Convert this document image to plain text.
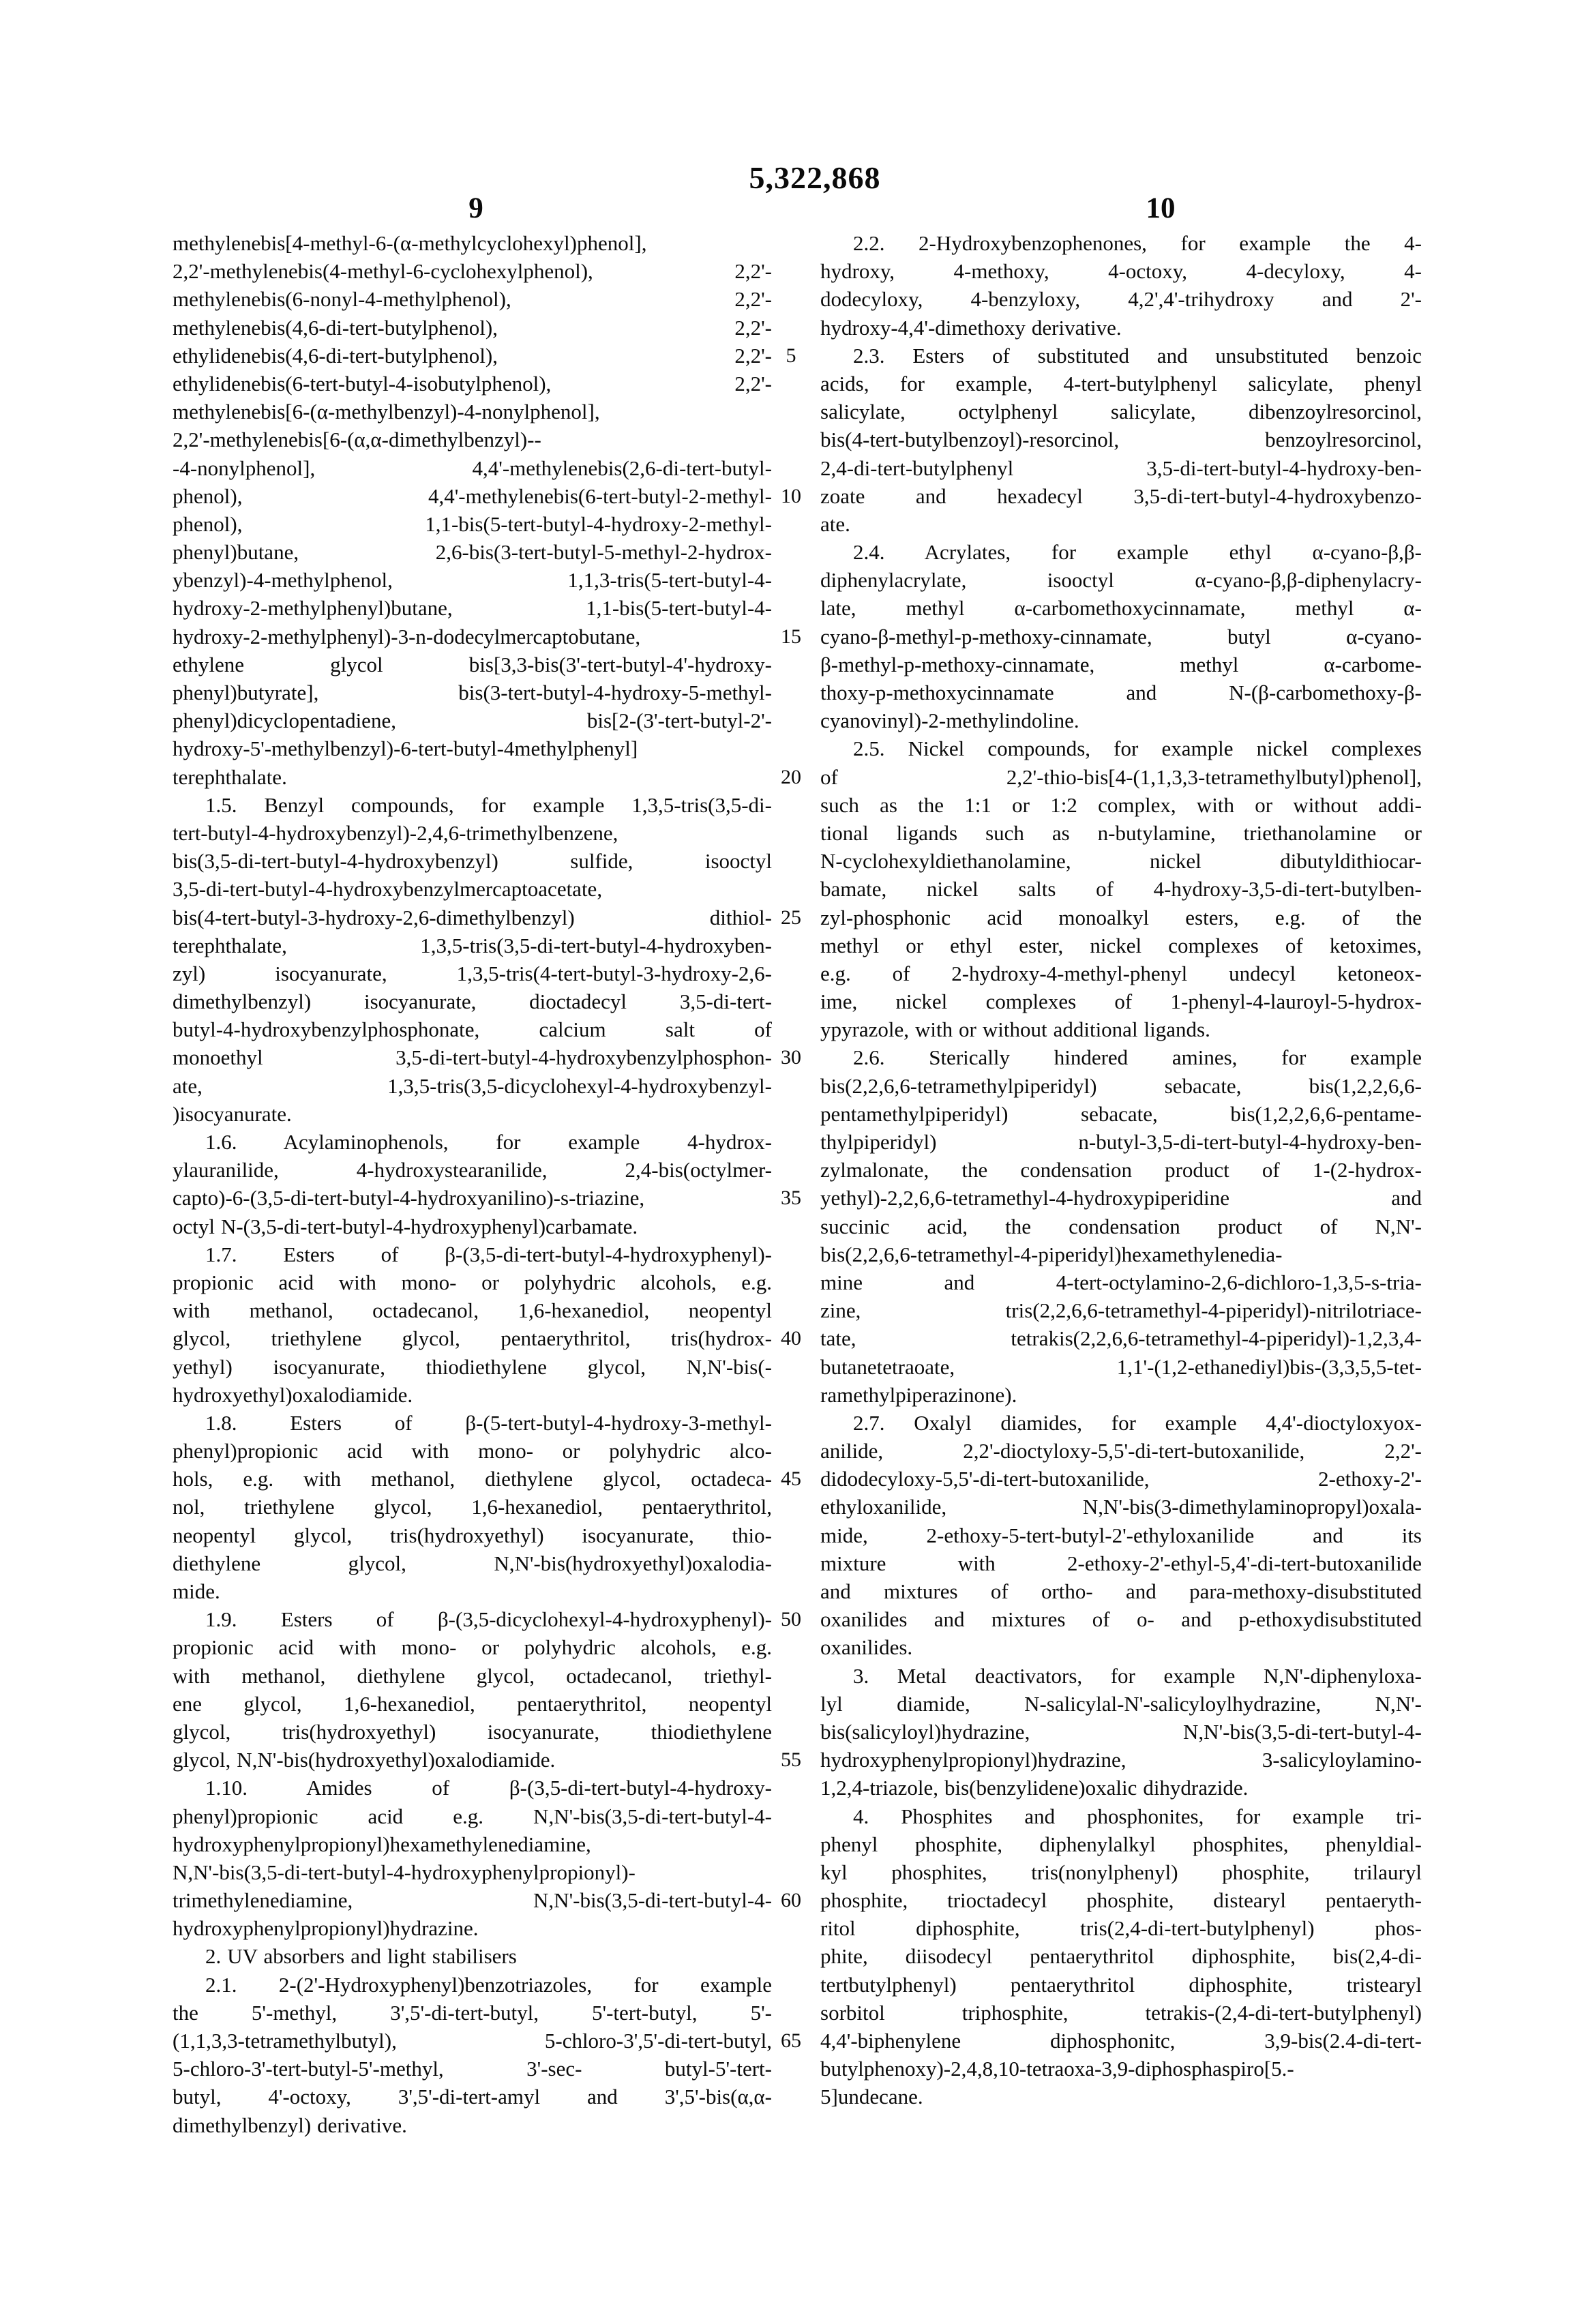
5,322,868
9	10
methylenebis[4-methyl-6-(α-methylcyclohexyl)phenol],
2,2'-methylenebis(4-methyl-6-cyclohexylphenol), 2,2'-
methylenebis(6-nonyl-4-methylphenol), 2,2'-
methylenebis(4,6-di-tert-butylphenol), 2,2'-
ethylidenebis(4,6-di-tert-butylphenol), 2,2'-
ethylidenebis(6-tert-butyl-4-isobutylphenol), 2,2'-
methylenebis[6-(α-methylbenzyl)-4-nonylphenol],
2,2'-methylenebis[6-(α,α-dimethylbenzyl)--
-4-nonylphenol], 4,4'-methylenebis(2,6-di-tert-butyl-
phenol), 4,4'-methylenebis(6-tert-butyl-2-methyl-
phenol), 1,1-bis(5-tert-butyl-4-hydroxy-2-methyl-
phenyl)butane, 2,6-bis(3-tert-butyl-5-methyl-2-hydrox-
ybenzyl)-4-methylphenol, 1,1,3-tris(5-tert-butyl-4-
hydroxy-2-methylphenyl)butane, 1,1-bis(5-tert-butyl-4-
hydroxy-2-methylphenyl)-3-n-dodecylmercaptobutane,
ethylene glycol bis[3,3-bis(3'-tert-butyl-4'-hydroxy-
phenyl)butyrate], bis(3-tert-butyl-4-hydroxy-5-methyl-
phenyl)dicyclopentadiene, bis[2-(3'-tert-butyl-2'-
hydroxy-5'-methylbenzyl)-6-tert-butyl-4methylphenyl]
terephthalate.
1.5. Benzyl compounds, for example 1,3,5-tris(3,5-di-
tert-butyl-4-hydroxybenzyl)-2,4,6-trimethylbenzene,
bis(3,5-di-tert-butyl-4-hydroxybenzyl) sulfide, isooctyl
3,5-di-tert-butyl-4-hydroxybenzylmercaptoacetate,
bis(4-tert-butyl-3-hydroxy-2,6-dimethylbenzyl) dithiol-
terephthalate, 1,3,5-tris(3,5-di-tert-butyl-4-hydroxyben-
zyl) isocyanurate, 1,3,5-tris(4-tert-butyl-3-hydroxy-2,6-
dimethylbenzyl) isocyanurate, dioctadecyl 3,5-di-tert-
butyl-4-hydroxybenzylphosphonate, calcium salt of
monoethyl 3,5-di-tert-butyl-4-hydroxybenzylphosphon-
ate, 1,3,5-tris(3,5-dicyclohexyl-4-hydroxybenzyl-
)isocyanurate.
1.6. Acylaminophenols, for example 4-hydrox-
ylauranilide, 4-hydroxystearanilide, 2,4-bis(octylmer-
capto)-6-(3,5-di-tert-butyl-4-hydroxyanilino)-s-triazine,
octyl N-(3,5-di-tert-butyl-4-hydroxyphenyl)carbamate.
1.7. Esters of β-(3,5-di-tert-butyl-4-hydroxyphenyl)-
propionic acid with mono- or polyhydric alcohols, e.g.
with methanol, octadecanol, 1,6-hexanediol, neopentyl
glycol, triethylene glycol, pentaerythritol, tris(hydrox-
yethyl) isocyanurate, thiodiethylene glycol, N,N'-bis(-
hydroxyethyl)oxalodiamide.
1.8. Esters of β-(5-tert-butyl-4-hydroxy-3-methyl-
phenyl)propionic acid with mono- or polyhydric alco-
hols, e.g. with methanol, diethylene glycol, octadeca-
nol, triethylene glycol, 1,6-hexanediol, pentaerythritol,
neopentyl glycol, tris(hydroxyethyl) isocyanurate, thio-
diethylene glycol, N,N'-bis(hydroxyethyl)oxalodia-
mide.
1.9. Esters of β-(3,5-dicyclohexyl-4-hydroxyphenyl)-
propionic acid with mono- or polyhydric alcohols, e.g.
with methanol, diethylene glycol, octadecanol, triethyl-
ene glycol, 1,6-hexanediol, pentaerythritol, neopentyl
glycol, tris(hydroxyethyl) isocyanurate, thiodiethylene
glycol, N,N'-bis(hydroxyethyl)oxalodiamide.
1.10. Amides of β-(3,5-di-tert-butyl-4-hydroxy-
phenyl)propionic acid e.g. N,N'-bis(3,5-di-tert-butyl-4-
hydroxyphenylpropionyl)hexamethylenediamine,
N,N'-bis(3,5-di-tert-butyl-4-hydroxyphenylpropionyl)-
trimethylenediamine, N,N'-bis(3,5-di-tert-butyl-4-
hydroxyphenylpropionyl)hydrazine.
2. UV absorbers and light stabilisers
2.1. 2-(2'-Hydroxyphenyl)benzotriazoles, for example
the 5'-methyl, 3',5'-di-tert-butyl, 5'-tert-butyl, 5'-
(1,1,3,3-tetramethylbutyl), 5-chloro-3',5'-di-tert-butyl,
5-chloro-3'-tert-butyl-5'-methyl, 3'-sec- butyl-5'-tert-
butyl, 4'-octoxy, 3',5'-di-tert-amyl and 3',5'-bis(α,α-
dimethylbenzyl) derivative.
5
10
15
20
25
30
35
40
45
50
55
60
65
2.2. 2-Hydroxybenzophenones, for example the 4-
hydroxy, 4-methoxy, 4-octoxy, 4-decyloxy, 4-
dodecyloxy, 4-benzyloxy, 4,2',4'-trihydroxy and 2'-
hydroxy-4,4'-dimethoxy derivative.
2.3. Esters of substituted and unsubstituted benzoic
acids, for example, 4-tert-butylphenyl salicylate, phenyl
salicylate, octylphenyl salicylate, dibenzoylresorcinol,
bis(4-tert-butylbenzoyl)-resorcinol, benzoylresorcinol,
2,4-di-tert-butylphenyl 3,5-di-tert-butyl-4-hydroxy-ben-
zoate and hexadecyl 3,5-di-tert-butyl-4-hydroxybenzo-
ate.
2.4. Acrylates, for example ethyl α-cyano-β,β-
diphenylacrylate, isooctyl α-cyano-β,β-diphenylacry-
late, methyl α-carbomethoxycinnamate, methyl α-
cyano-β-methyl-p-methoxy-cinnamate, butyl α-cyano-
β-methyl-p-methoxy-cinnamate, methyl α-carbome-
thoxy-p-methoxycinnamate and N-(β-carbomethoxy-β-
cyanovinyl)-2-methylindoline.
2.5. Nickel compounds, for example nickel complexes
of 2,2'-thio-bis[4-(1,1,3,3-tetramethylbutyl)phenol],
such as the 1:1 or 1:2 complex, with or without addi-
tional ligands such as n-butylamine, triethanolamine or
N-cyclohexyldiethanolamine, nickel dibutyldithiocar-
bamate, nickel salts of 4-hydroxy-3,5-di-tert-butylben-
zyl-phosphonic acid monoalkyl esters, e.g. of the
methyl or ethyl ester, nickel complexes of ketoximes,
e.g. of 2-hydroxy-4-methyl-phenyl undecyl ketoneox-
ime, nickel complexes of 1-phenyl-4-lauroyl-5-hydrox-
ypyrazole, with or without additional ligands.
2.6. Sterically hindered amines, for example
bis(2,2,6,6-tetramethylpiperidyl) sebacate, bis(1,2,2,6,6-
pentamethylpiperidyl) sebacate, bis(1,2,2,6,6-pentame-
thylpiperidyl) n-butyl-3,5-di-tert-butyl-4-hydroxy-ben-
zylmalonate, the condensation product of 1-(2-hydrox-
yethyl)-2,2,6,6-tetramethyl-4-hydroxypiperidine and
succinic acid, the condensation product of N,N'-
bis(2,2,6,6-tetramethyl-4-piperidyl)hexamethylenedia-
mine and 4-tert-octylamino-2,6-dichloro-1,3,5-s-tria-
zine, tris(2,2,6,6-tetramethyl-4-piperidyl)-nitrilotriace-
tate, tetrakis(2,2,6,6-tetramethyl-4-piperidyl)-1,2,3,4-
butanetetraoate, 1,1'-(1,2-ethanediyl)bis-(3,3,5,5-tet-
ramethylpiperazinone).
2.7. Oxalyl diamides, for example 4,4'-dioctyloxyox-
anilide, 2,2'-dioctyloxy-5,5'-di-tert-butoxanilide, 2,2'-
didodecyloxy-5,5'-di-tert-butoxanilide, 2-ethoxy-2'-
ethyloxanilide, N,N'-bis(3-dimethylaminopropyl)oxala-
mide, 2-ethoxy-5-tert-butyl-2'-ethyloxanilide and its
mixture with 2-ethoxy-2'-ethyl-5,4'-di-tert-butoxanilide
and mixtures of ortho- and para-methoxy-disubstituted
oxanilides and mixtures of o- and p-ethoxydisubstituted
oxanilides.
3. Metal deactivators, for example N,N'-diphenyloxa-
lyl diamide, N-salicylal-N'-salicyloylhydrazine, N,N'-
bis(salicyloyl)hydrazine, N,N'-bis(3,5-di-tert-butyl-4-
hydroxyphenylpropionyl)hydrazine, 3-salicyloylamino-
1,2,4-triazole, bis(benzylidene)oxalic dihydrazide.
4. Phosphites and phosphonites, for example tri-
phenyl phosphite, diphenylalkyl phosphites, phenyldial-
kyl phosphites, tris(nonylphenyl) phosphite, trilauryl
phosphite, trioctadecyl phosphite, distearyl pentaeryth-
ritol diphosphite, tris(2,4-di-tert-butylphenyl) phos-
phite, diisodecyl pentaerythritol diphosphite, bis(2,4-di-
tertbutylphenyl) pentaerythritol diphosphite, tristearyl
sorbitol triphosphite, tetrakis-(2,4-di-tert-butylphenyl)
4,4'-biphenylene diphosphonitc, 3,9-bis(2.4-di-tert-
butylphenoxy)-2,4,8,10-tetraoxa-3,9-diphosphaspiro[5.-
5]undecane.
